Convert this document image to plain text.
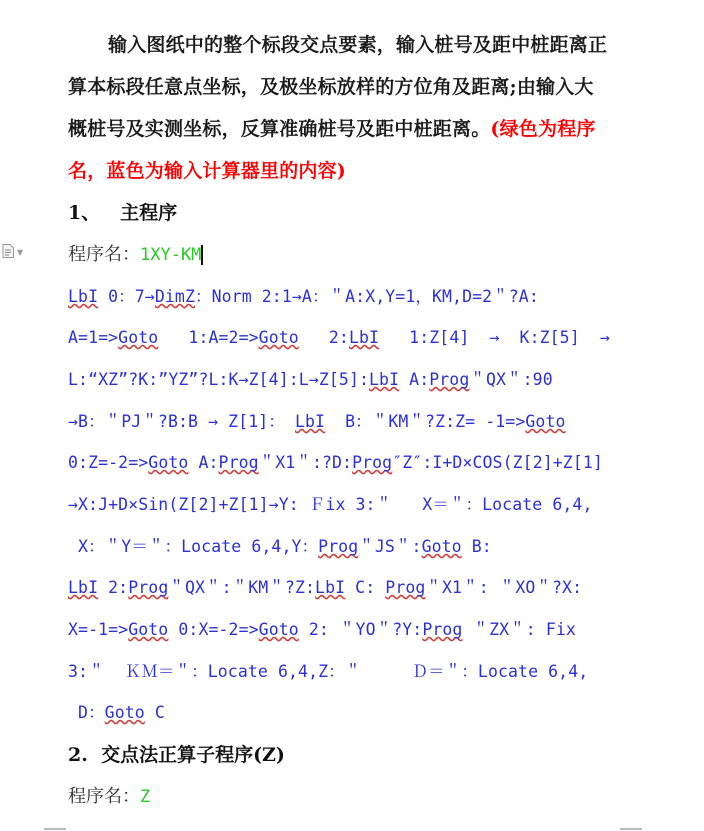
输入图纸中的整个标段交点要素，输入桩号及距中桩距离正
算本标段任意点坐标，及极坐标放样的方位角及距离;由输入大
概桩号及实测坐标，反算准确桩号及距中桩距离。(绿色为程序
名，蓝色为输入计算器里的内容)
1、   主程序
▼ 程序名：1XY-KM
LbI 0：7→DimZ：Norm 2:1→A：＂A:X,Y=1，KM,D=2＂?A:
A=1=>Goto   1:A=2=>Goto   2:LbI   1:Z[4]  →  K:Z[5]  →
L:“XZ”?K:”YZ”?L:K→Z[4]:L→Z[5]:LbI A:Prog＂QX＂:90
→B：＂PJ＂?B:B → Z[1]： LbI  B：＂KM＂?Z:Z= -1=>Goto
0:Z=-2=>Goto A:Prog＂X1＂:?D:Prog″Z″:I+D×COS(Z[2]+Z[1]
→X:J+D×Sin(Z[2]+Z[1]→Y: Ｆix 3:＂   X＝＂：Locate 6,4,
X：＂Y＝＂：Locate 6,4,Y：Prog＂JS＂:Goto B:
LbI 2:Prog＂QX＂:＂KM＂?Z:LbI C: Prog＂X1＂: ＂XO＂?X:
X=-1=>Goto 0:X=-2=>Goto 2: ＂YO＂?Y:Prog ＂ZX＂: Fix
3:＂  ＫＭ＝＂：Locate 6,4,Z：＂     Ｄ＝＂：Locate 6,4,
D：Goto C
2.  交点法正算子程序(Z)
程序名：Z
